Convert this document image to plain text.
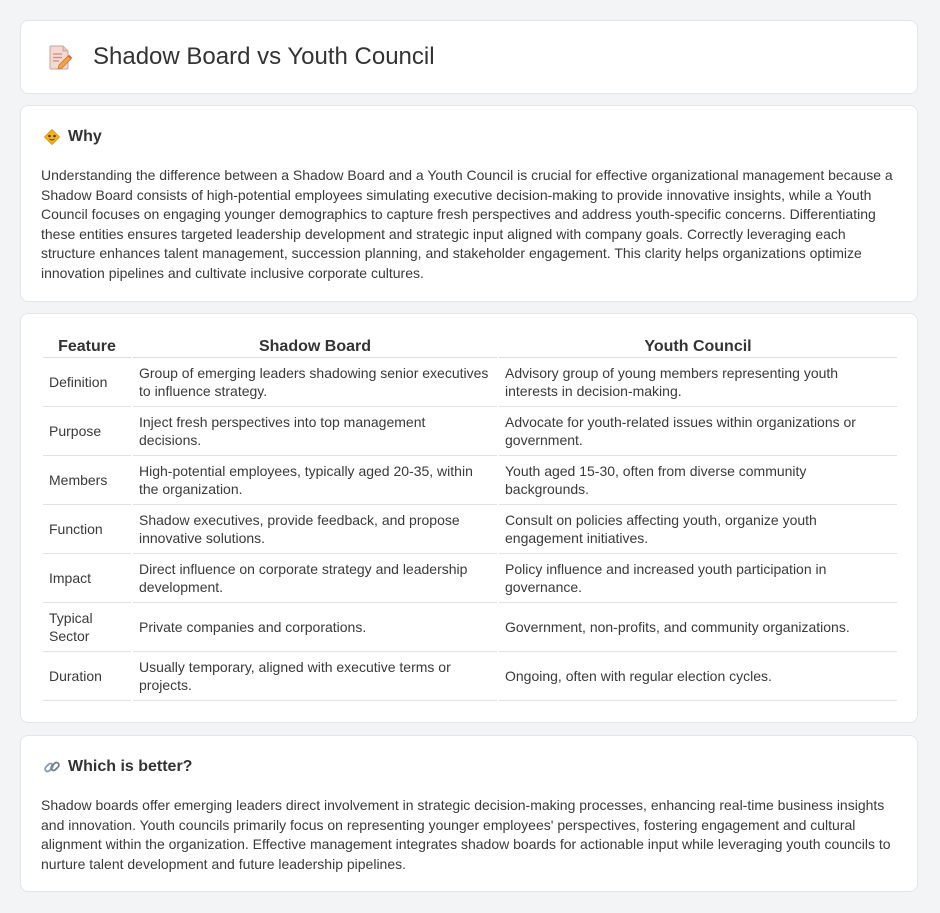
Shadow Board vs Youth Council
Why

Understanding the difference between a Shadow Board and a Youth Council is crucial for effective organizational management because a Shadow Board consists of high-potential employees simulating executive decision-making to provide innovative insights, while a Youth Council focuses on engaging younger demographics to capture fresh perspectives and address youth-specific concerns. Differentiating these entities ensures targeted leadership development and strategic input aligned with company goals. Correctly leveraging each structure enhances talent management, succession planning, and stakeholder engagement. This clarity helps organizations optimize innovation pipelines and cultivate inclusive corporate cultures.

Feature	Shadow Board	Youth Council
Definition	Group of emerging leaders shadowing senior executives to influence strategy.	Advisory group of young members representing youth interests in decision-making.
Purpose	Inject fresh perspectives into top management decisions.	Advocate for youth-related issues within organizations or government.
Members	High-potential employees, typically aged 20-35, within the organization.	Youth aged 15-30, often from diverse community backgrounds.
Function	Shadow executives, provide feedback, and propose innovative solutions.	Consult on policies affecting youth, organize youth engagement initiatives.
Impact	Direct influence on corporate strategy and leadership development.	Policy influence and increased youth participation in governance.
Typical Sector	Private companies and corporations.	Government, non-profits, and community organizations.
Duration	Usually temporary, aligned with executive terms or projects.	Ongoing, often with regular election cycles.
Which is better?

Shadow boards offer emerging leaders direct involvement in strategic decision-making processes, enhancing real-time business insights and innovation. Youth councils primarily focus on representing younger employees' perspectives, fostering engagement and cultural alignment within the organization. Effective management integrates shadow boards for actionable input while leveraging youth councils to nurture talent development and future leadership pipelines.
